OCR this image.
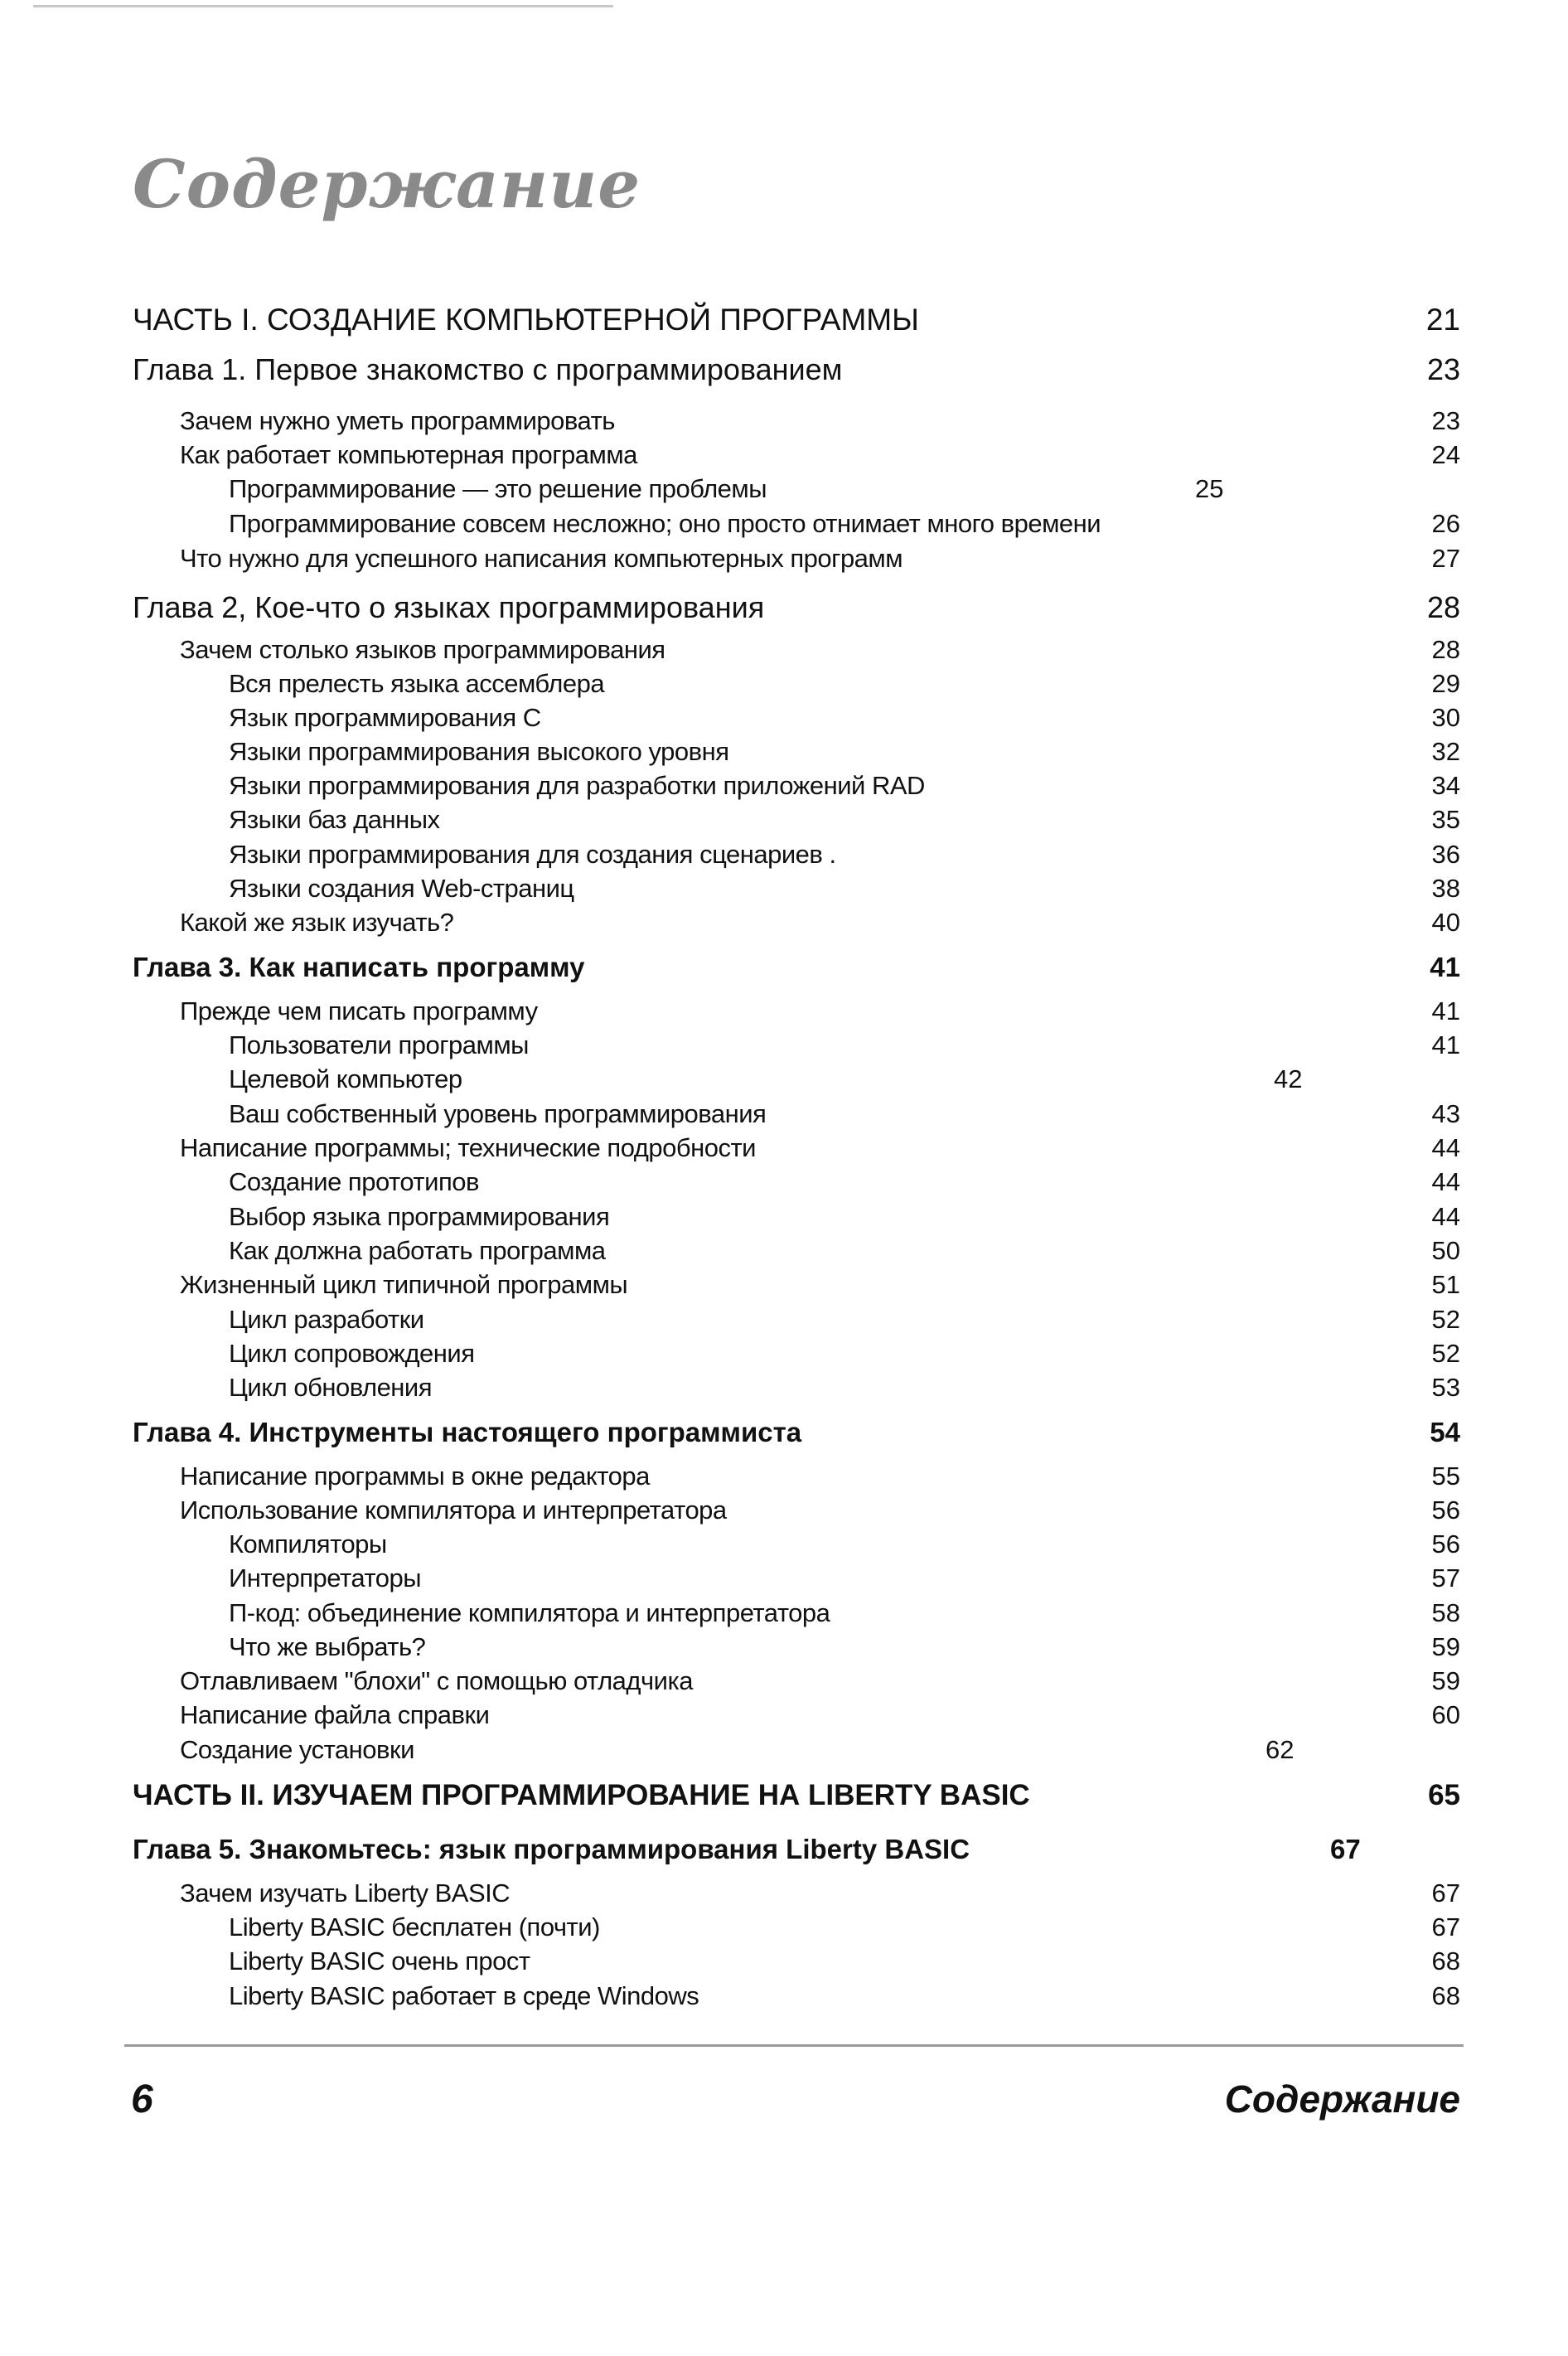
Содержание
ЧАСТЬ I. СОЗДАНИЕ КОМПЬЮТЕРНОЙ ПРОГРАММЫ	21
Глава 1. Первое знакомство с программированием	23
Зачем нужно уметь программировать	23
Как работает компьютерная программа	24
Программирование — это решение проблемы	25
Программирование совсем несложно; оно просто отнимает много времени	26
Что нужно для успешного написания компьютерных программ	27
Глава 2, Кое-что о языках программирования	28
Зачем столько языков программирования	28
Вся прелесть языка ассемблера	29
Язык программирования С	30
Языки программирования высокого уровня	32
Языки программирования для разработки приложений RAD	34
Языки баз данных	35
Языки программирования для создания сценариев .	36
Языки создания Web-страниц	38
Какой же язык изучать?	40
Глава 3. Как написать программу	41
Прежде чем писать программу	41
Пользователи программы	41
Целевой компьютер	42
Ваш собственный уровень программирования	43
Написание программы; технические подробности	44
Создание прототипов	44
Выбор языка программирования	44
Как должна работать программа	50
Жизненный цикл типичной программы	51
Цикл разработки	52
Цикл сопровождения	52
Цикл обновления	53
Глава 4. Инструменты настоящего программиста	54
Написание программы в окне редактора	55
Использование компилятора и интерпретатора	56
Компиляторы	56
Интерпретаторы	57
П-код: объединение компилятора и интерпретатора	58
Что же выбрать?	59
Отлавливаем "блохи" с помощью отладчика	59
Написание файла справки	60
Создание установки	62
ЧАСТЬ II. ИЗУЧАЕМ ПРОГРАММИРОВАНИЕ НА LIBERTY BASIC	65
Глава 5. Знакомьтесь: язык программирования Liberty BASIC	67
Зачем изучать Liberty BASIC	67
Liberty BASIC бесплатен (почти)	67
Liberty BASIC очень прост	68
Liberty BASIC работает в среде Windows	68
6	Содержание
